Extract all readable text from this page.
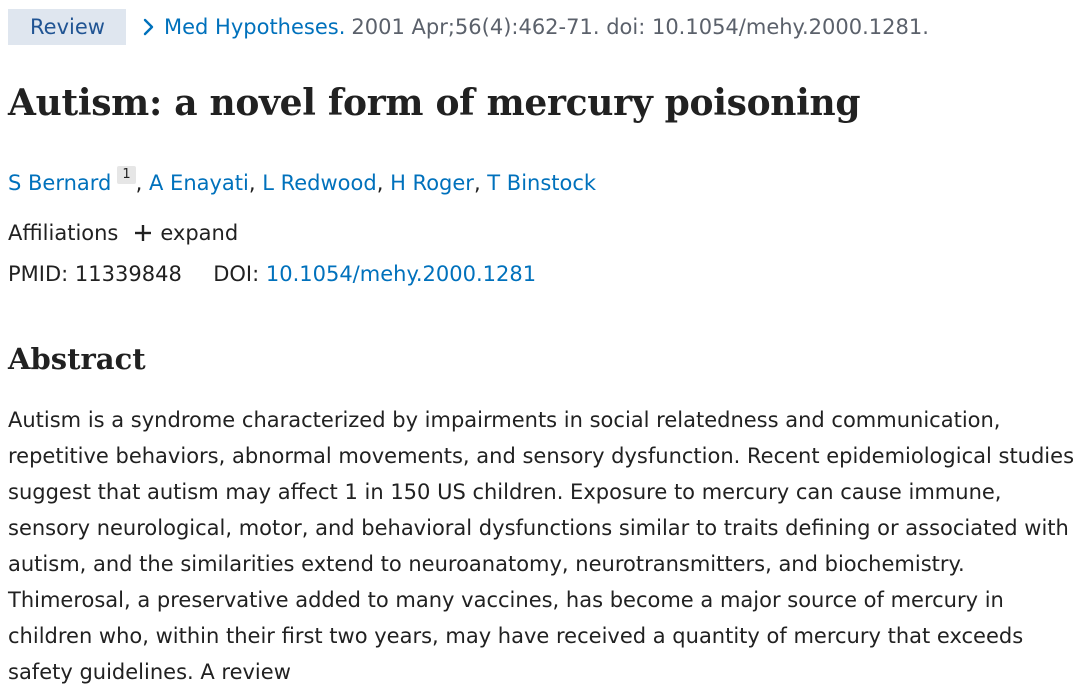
Review	Med Hypotheses. 2001 Apr;56(4):462-71. doi: 10.1054/mehy.2000.1281.
Autism: a novel form of mercury poisoning
S Bernard 1 , A Enayati, L Redwood, H Roger, T Binstock
Affiliations expand
PMID: 11339848 DOI: 10.1054/mehy.2000.1281
Abstract

Autism is a syndrome characterized by impairments in social relatedness and communication, repetitive behaviors, abnormal movements, and sensory dysfunction. Recent epidemiological studies suggest that autism may affect 1 in 150 US children. Exposure to mercury can cause immune, sensory neurological, motor, and behavioral dysfunctions similar to traits defining or associated with autism, and the similarities extend to neuroanatomy, neurotransmitters, and biochemistry. Thimerosal, a preservative added to many vaccines, has become a major source of mercury in children who, within their first two years, may have received a quantity of mercury that exceeds safety guidelines. A review
